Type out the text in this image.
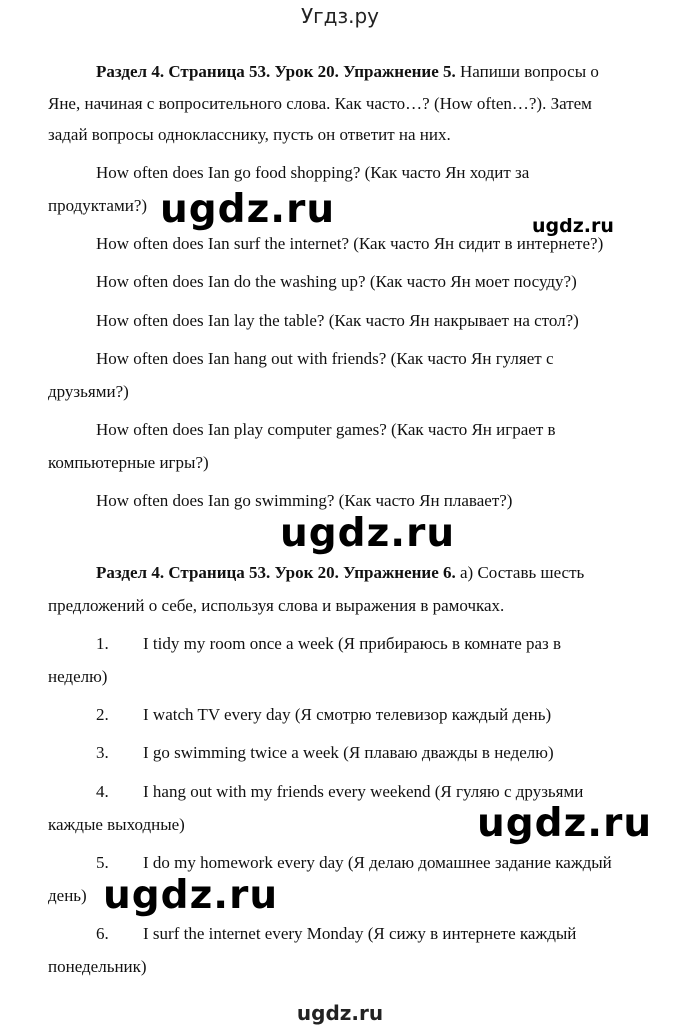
Угдз.ру
Раздел 4. Страница 53. Урок 20. Упражнение 5. Напиши вопросы о
Яне, начиная с вопросительного слова. Как часто…? (How often…?). Затем
задай вопросы однокласснику, пусть он ответит на них.
How often does Ian go food shopping? (Как часто Ян ходит за
продуктами?)
How often does Ian surf the internet? (Как часто Ян сидит в интернете?)
How often does Ian do the washing up? (Как часто Ян моет посуду?)
How often does Ian lay the table? (Как часто Ян накрывает на стол?)
How often does Ian hang out with friends? (Как часто Ян гуляет с
друзьями?)
How often does Ian play computer games? (Как часто Ян играет в
компьютерные игры?)
How often does Ian go swimming? (Как часто Ян плавает?)
Раздел 4. Страница 53. Урок 20. Упражнение 6. а) Составь шесть
предложений о себе, используя слова и выражения в рамочках.
1. I tidy my room once a week (Я прибираюсь в комнате раз в
неделю)
2. I watch TV every day (Я смотрю телевизор каждый день)
3. I go swimming twice a week (Я плаваю дважды в неделю)
4. I hang out with my friends every weekend (Я гуляю с друзьями
каждые выходные)
5. I do my homework every day (Я делаю домашнее задание каждый
день)
6. I surf the internet every Monday (Я сижу в интернете каждый
понедельник)
ugdz.ru	ugdz.ru
ugdz.ru
ugdz.ru
ugdz.ru
ugdz.ru
